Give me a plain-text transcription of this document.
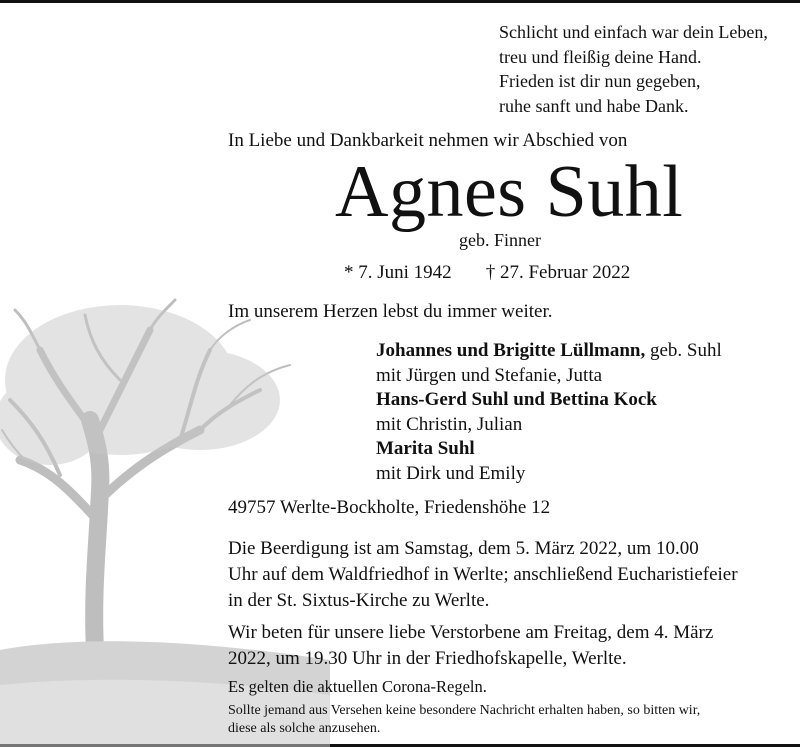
Schlicht und einfach war dein Leben,
treu und fleißig deine Hand.
Frieden ist dir nun gegeben,
ruhe sanft und habe Dank.
In Liebe und Dankbarkeit nehmen wir Abschied von
Agnes Suhl
geb. Finner
* 7. Juni 1942 † 27. Februar 2022
Im unserem Herzen lebst du immer weiter.
Johannes und Brigitte Lüllmann, geb. Suhl
mit Jürgen und Stefanie, Jutta
Hans-Gerd Suhl und Bettina Kock
mit Christin, Julian
Marita Suhl
mit Dirk und Emily
49757 Werlte-Bockholte, Friedenshöhe 12
Die Beerdigung ist am Samstag, dem 5. März 2022, um 10.00
Uhr auf dem Waldfriedhof in Werlte; anschließend Eucharistiefeier
in der St. Sixtus-Kirche zu Werlte.
Wir beten für unsere liebe Verstorbene am Freitag, dem 4. März
2022, um 19.30 Uhr in der Friedhofskapelle, Werlte.
Es gelten die aktuellen Corona-Regeln.
Sollte jemand aus Versehen keine besondere Nachricht erhalten haben, so bitten wir,
diese als solche anzusehen.
